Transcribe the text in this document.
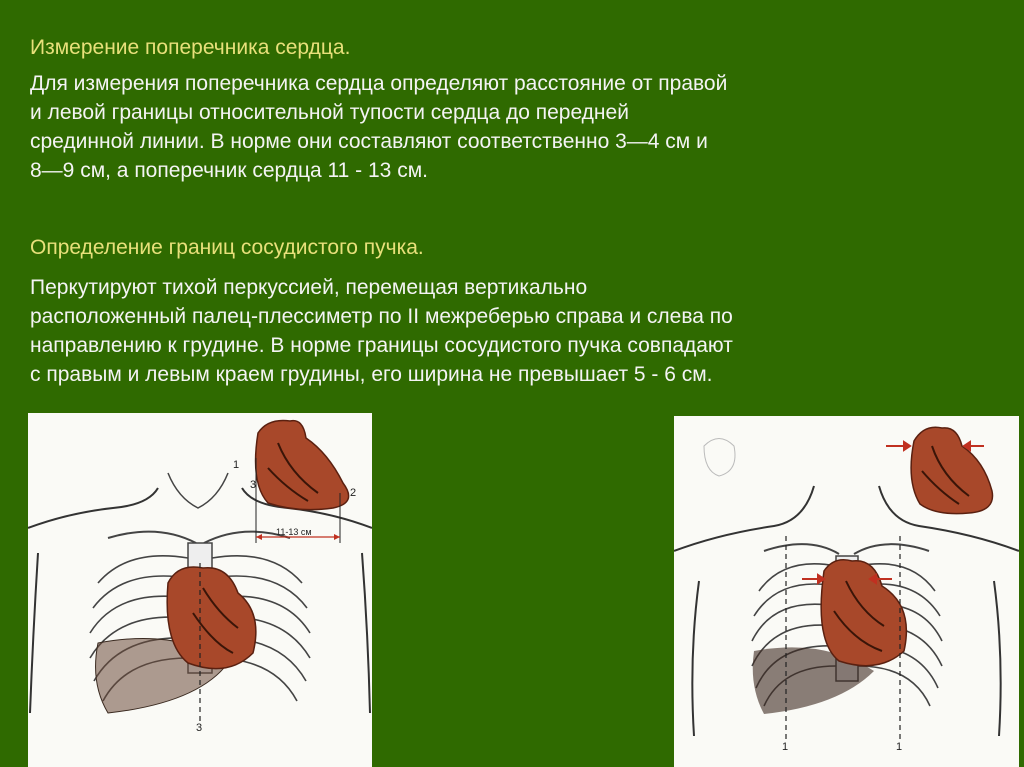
Измерение поперечника сердца.

Для измерения поперечника сердца определяют расстояние от правой
и левой границы относительной тупости сердца до передней
срединной линии. В норме они составляют соответственно 3—4 см и
8—9 см, а поперечник сердца 11 - 13 см.

Определение границ сосудистого пучка.

Перкутируют тихой перкуссией, перемещая вертикально
расположенный палец-плессиметр по II межреберью справа и слева по
направлению к грудине. В норме границы сосудистого пучка совпадают
с правым и левым краем грудины, его ширина не превышает 5 - 6 см.

3
11-13 см
1
3
2
1	1
